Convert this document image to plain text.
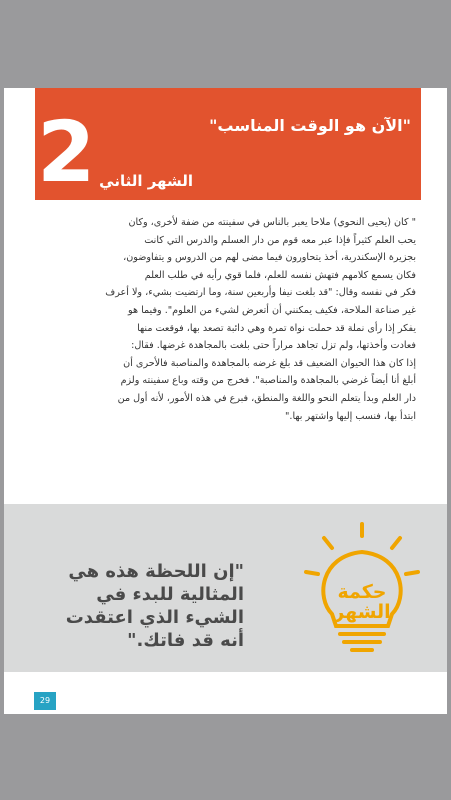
"الآن هو الوقت المناسب"
الشهر الثاني
2
" كان (يحيى النحوي) ملاحا يعبر بالناس في سفينته من ضفة لأخرى، وكان
يحب العلم كثيراً فإذا عبر معه قوم من دار العسلم والدرس التي كانت
بجزيرة الإسكندرية، أخذ يتحاورون فيما مضى لهم من الدروس و يتفاوضون،
فكان يسمع كلامهم فتهش نفسه للعلم، فلما قوي رأيه في طلب العلم
فكر في نفسه وقال: "قد بلغت نيفا وأربعين سنة، وما ارتضيت بشيء، ولا أعرف
غير صناعة الملاحة، فكيف يمكنني أن أتعرض لشيء من العلوم". وفيما هو
يفكر إذا رأى نملة قد حملت نواة تمرة وهي دائبة تصعد بها، فوقعت منها
فعادت وأخذتها، ولم تزل تجاهد مراراً حتى بلغت بالمجاهدة غرضها. فقال:
إذا كان هذا الحيوان الضعيف قد بلغ غرضه بالمجاهدة والمناصبة فالأحرى أن
أبلغ أنا أيضاً غرضي بالمجاهدة والمناصبة". فخرج من وقته وباع سفينته ولزم
دار العلم وبدأ يتعلم النحو واللغة والمنطق، فبرع في هذه الأمور، لأنه أول من
ابتدأ بها، فنسب إليها واشتهر بها."
"إن اللحظة هذه هي
المثالية للبدء في
الشيء الذي اعتقدت
أنه قد فاتك."
حكمة
الشهر
29
